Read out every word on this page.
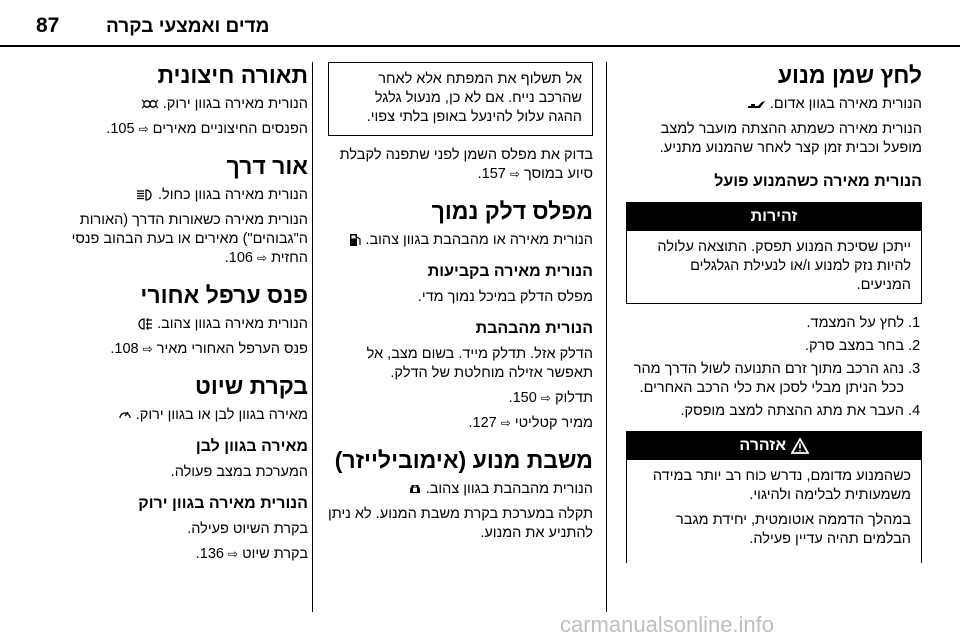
87 מדים ואמצעי בקרה
לחץ שמן מנוע

הנורית מאירה בגוון אדום.

הנורית מאירה כשמתג ההצתה מועבר למצב מופעל וכבית זמן קצר לאחר שהמנוע מתניע.

הנורית מאירה כשהמנוע פועל
זהירות
ייתכן שסיכת המנוע תפסק. התוצאה עלולה להיות נזק למנוע ו/או לנעילת הגלגלים המניעים.
1. לחץ על המצמד.
2. בחר במצב סרק.
3. נהג הרכב מתוך זרם התנועה לשול הדרך מהר ככל הניתן מבלי לסכן את כלי הרכב האחרים.
4. העבר את מתג ההצתה למצב מופסק.
אזהרה

כשהמנוע מדומם, נדרש כוח רב יותר במידה משמעותית לבלימה ולהיגוי.

במהלך הדממה אוטומטית, יחידת מגבר הבלמים תהיה עדיין פעילה.

אל תשלוף את המפתח אלא לאחר שהרכב נייח. אם לא כן, מנעול גלגל ההגה עלול להינעל באופן בלתי צפוי.

בדוק את מפלס השמן לפני שתפנה לקבלת סיוע במוסך ⇨ 157.

מפלס דלק נמוך

הנורית מאירה או מהבהבת בגוון צהוב.

הנורית מאירה בקביעות

מפלס הדלק במיכל נמוך מדי.

הנורית מהבהבת

הדלק אזל. תדלק מייד. בשום מצב, אל תאפשר אזילה מוחלטת של הדלק.

תדלוק ⇨ 150.

ממיר קטליטי ⇨ 127.

משבת מנוע (אימובילייזר)

הנורית מהבהבת בגוון צהוב.

תקלה במערכת בקרת משבת המנוע. לא ניתן להתניע את המנוע.

תאורה חיצונית

הנורית מאירה בגוון ירוק.

הפנסים החיצוניים מאירים ⇨ 105.

אור דרך

הנורית מאירה בגוון כחול.

הנורית מאירה כשאורות הדרך (האורות ה"גבוהים") מאירים או בעת הבהוב פנסי החזית ⇨ 106.

פנס ערפל אחורי

הנורית מאירה בגוון צהוב.

פנס הערפל האחורי מאיר ⇨ 108.

בקרת שיוט

מאירה בגוון לבן או בגוון ירוק.

מאירה בגוון לבן

המערכת במצב פעולה.

הנורית מאירה בגוון ירוק

בקרת השיוט פעילה.

בקרת שיוט ⇨ 136.

carmanualsonline.info
